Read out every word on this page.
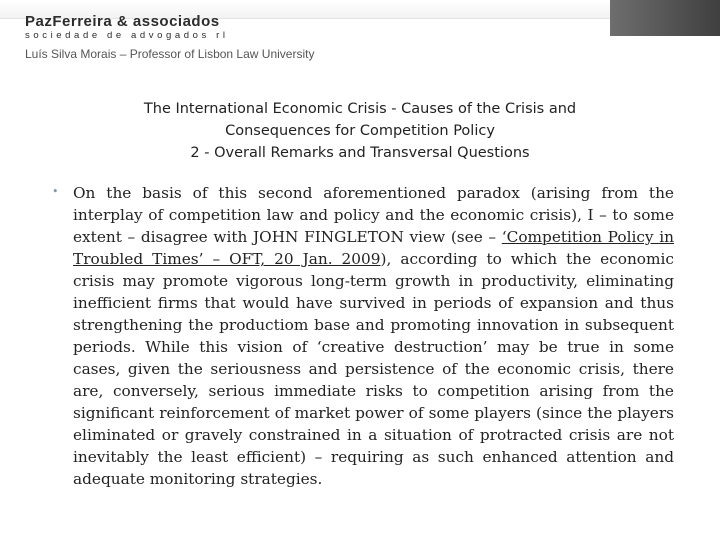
PazFerreira & associados
sociedade de advogados rl
Luís Silva Morais – Professor of Lisbon Law University
The International Economic Crisis - Causes of the Crisis and
Consequences for Competition Policy
2 - Overall Remarks and Transversal Questions
• On the basis of this second aforementioned paradox (arising from the interplay of competition law and policy and the economic crisis), I – to some extent – disagree with JOHN FINGLETON view (see – ‘Competition Policy in Troubled Times’ – OFT, 20 Jan. 2009), according to which the economic crisis may promote vigorous long-term growth in productivity, eliminating inefficient firms that would have survived in periods of expansion and thus strengthening the productiom base and promoting innovation in subsequent periods. While this vision of ‘creative destruction’ may be true in some cases, given the seriousness and persistence of the economic crisis, there are, conversely, serious immediate risks to competition arising from the significant reinforcement of market power of some players (since the players eliminated or gravely constrained in a situation of protracted crisis are not inevitably the least efficient) – requiring as such enhanced attention and adequate monitoring strategies.
